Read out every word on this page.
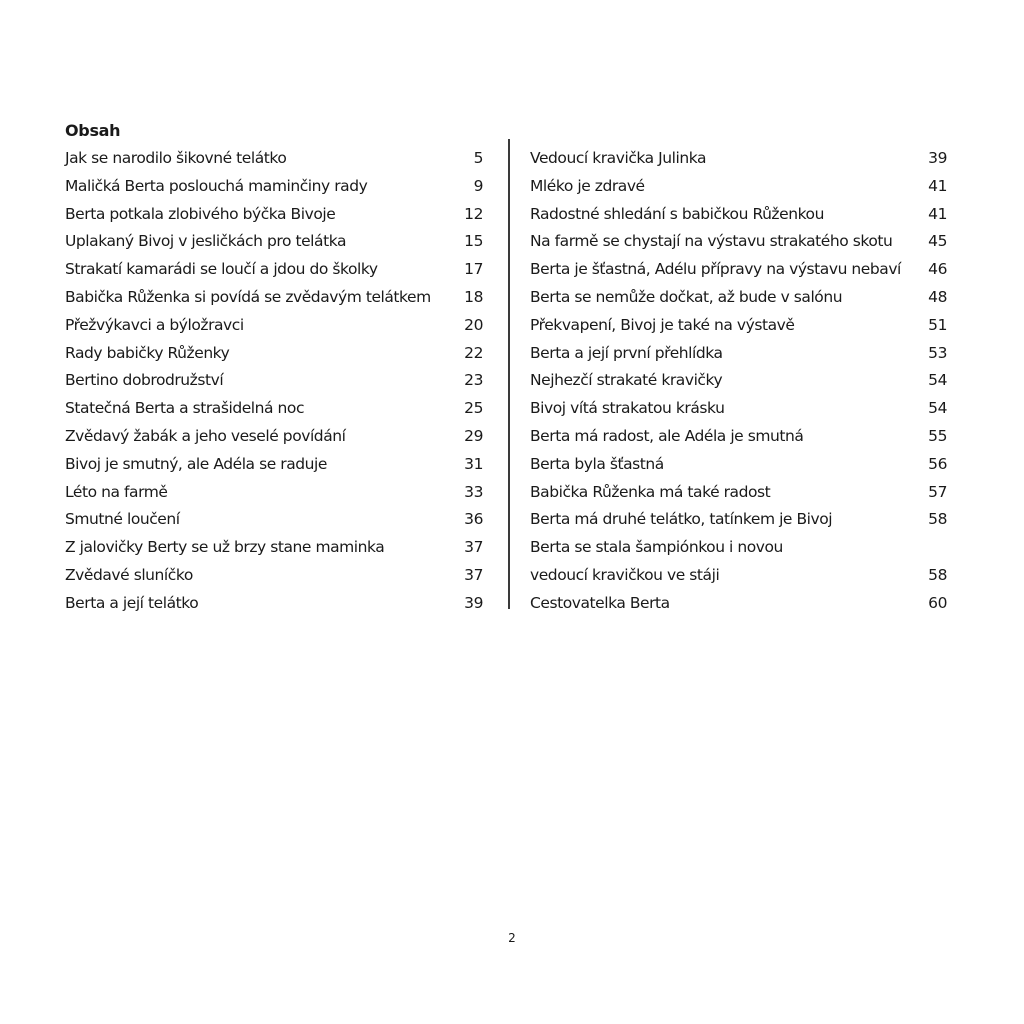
Obsah
Jak se narodilo šikovné telátko	5
Maličká Berta poslouchá maminčiny rady	9
Berta potkala zlobivého býčka Bivoje	12
Uplakaný Bivoj v jesličkách pro telátka	15
Strakatí kamarádi se loučí a jdou do školky	17
Babička Růženka si povídá se zvědavým telátkem 18
Přežvýkavci a býložravci	20
Rady babičky Růženky	22
Bertino dobrodružství	23
Statečná Berta a strašidelná noc	25
Zvědavý žabák a jeho veselé povídání	29
Bivoj je smutný, ale Adéla se raduje	31
Léto na farmě	33
Smutné loučení	36
Z jalovičky Berty se už brzy stane maminka	37
Zvědavé sluníčko	37
Berta a její telátko	39
Vedoucí kravička Julinka	39
Mléko je zdravé	41
Radostné shledání s babičkou Růženkou	41
Na farmě se chystají na výstavu strakatého skotu 45
Berta je šťastná, Adélu přípravy na výstavu nebaví 46
Berta se nemůže dočkat, až bude v salónu	48
Překvapení, Bivoj je také na výstavě	51
Berta a její první přehlídka	53
Nejhezčí strakaté kravičky	54
Bivoj vítá strakatou krásku	54
Berta má radost, ale Adéla je smutná	55
Berta byla šťastná	56
Babička Růženka má také radost	57
Berta má druhé telátko, tatínkem je Bivoj	58
Berta se stala šampiónkou i novou
vedoucí kravičkou ve stáji	58
Cestovatelka Berta	60
2
